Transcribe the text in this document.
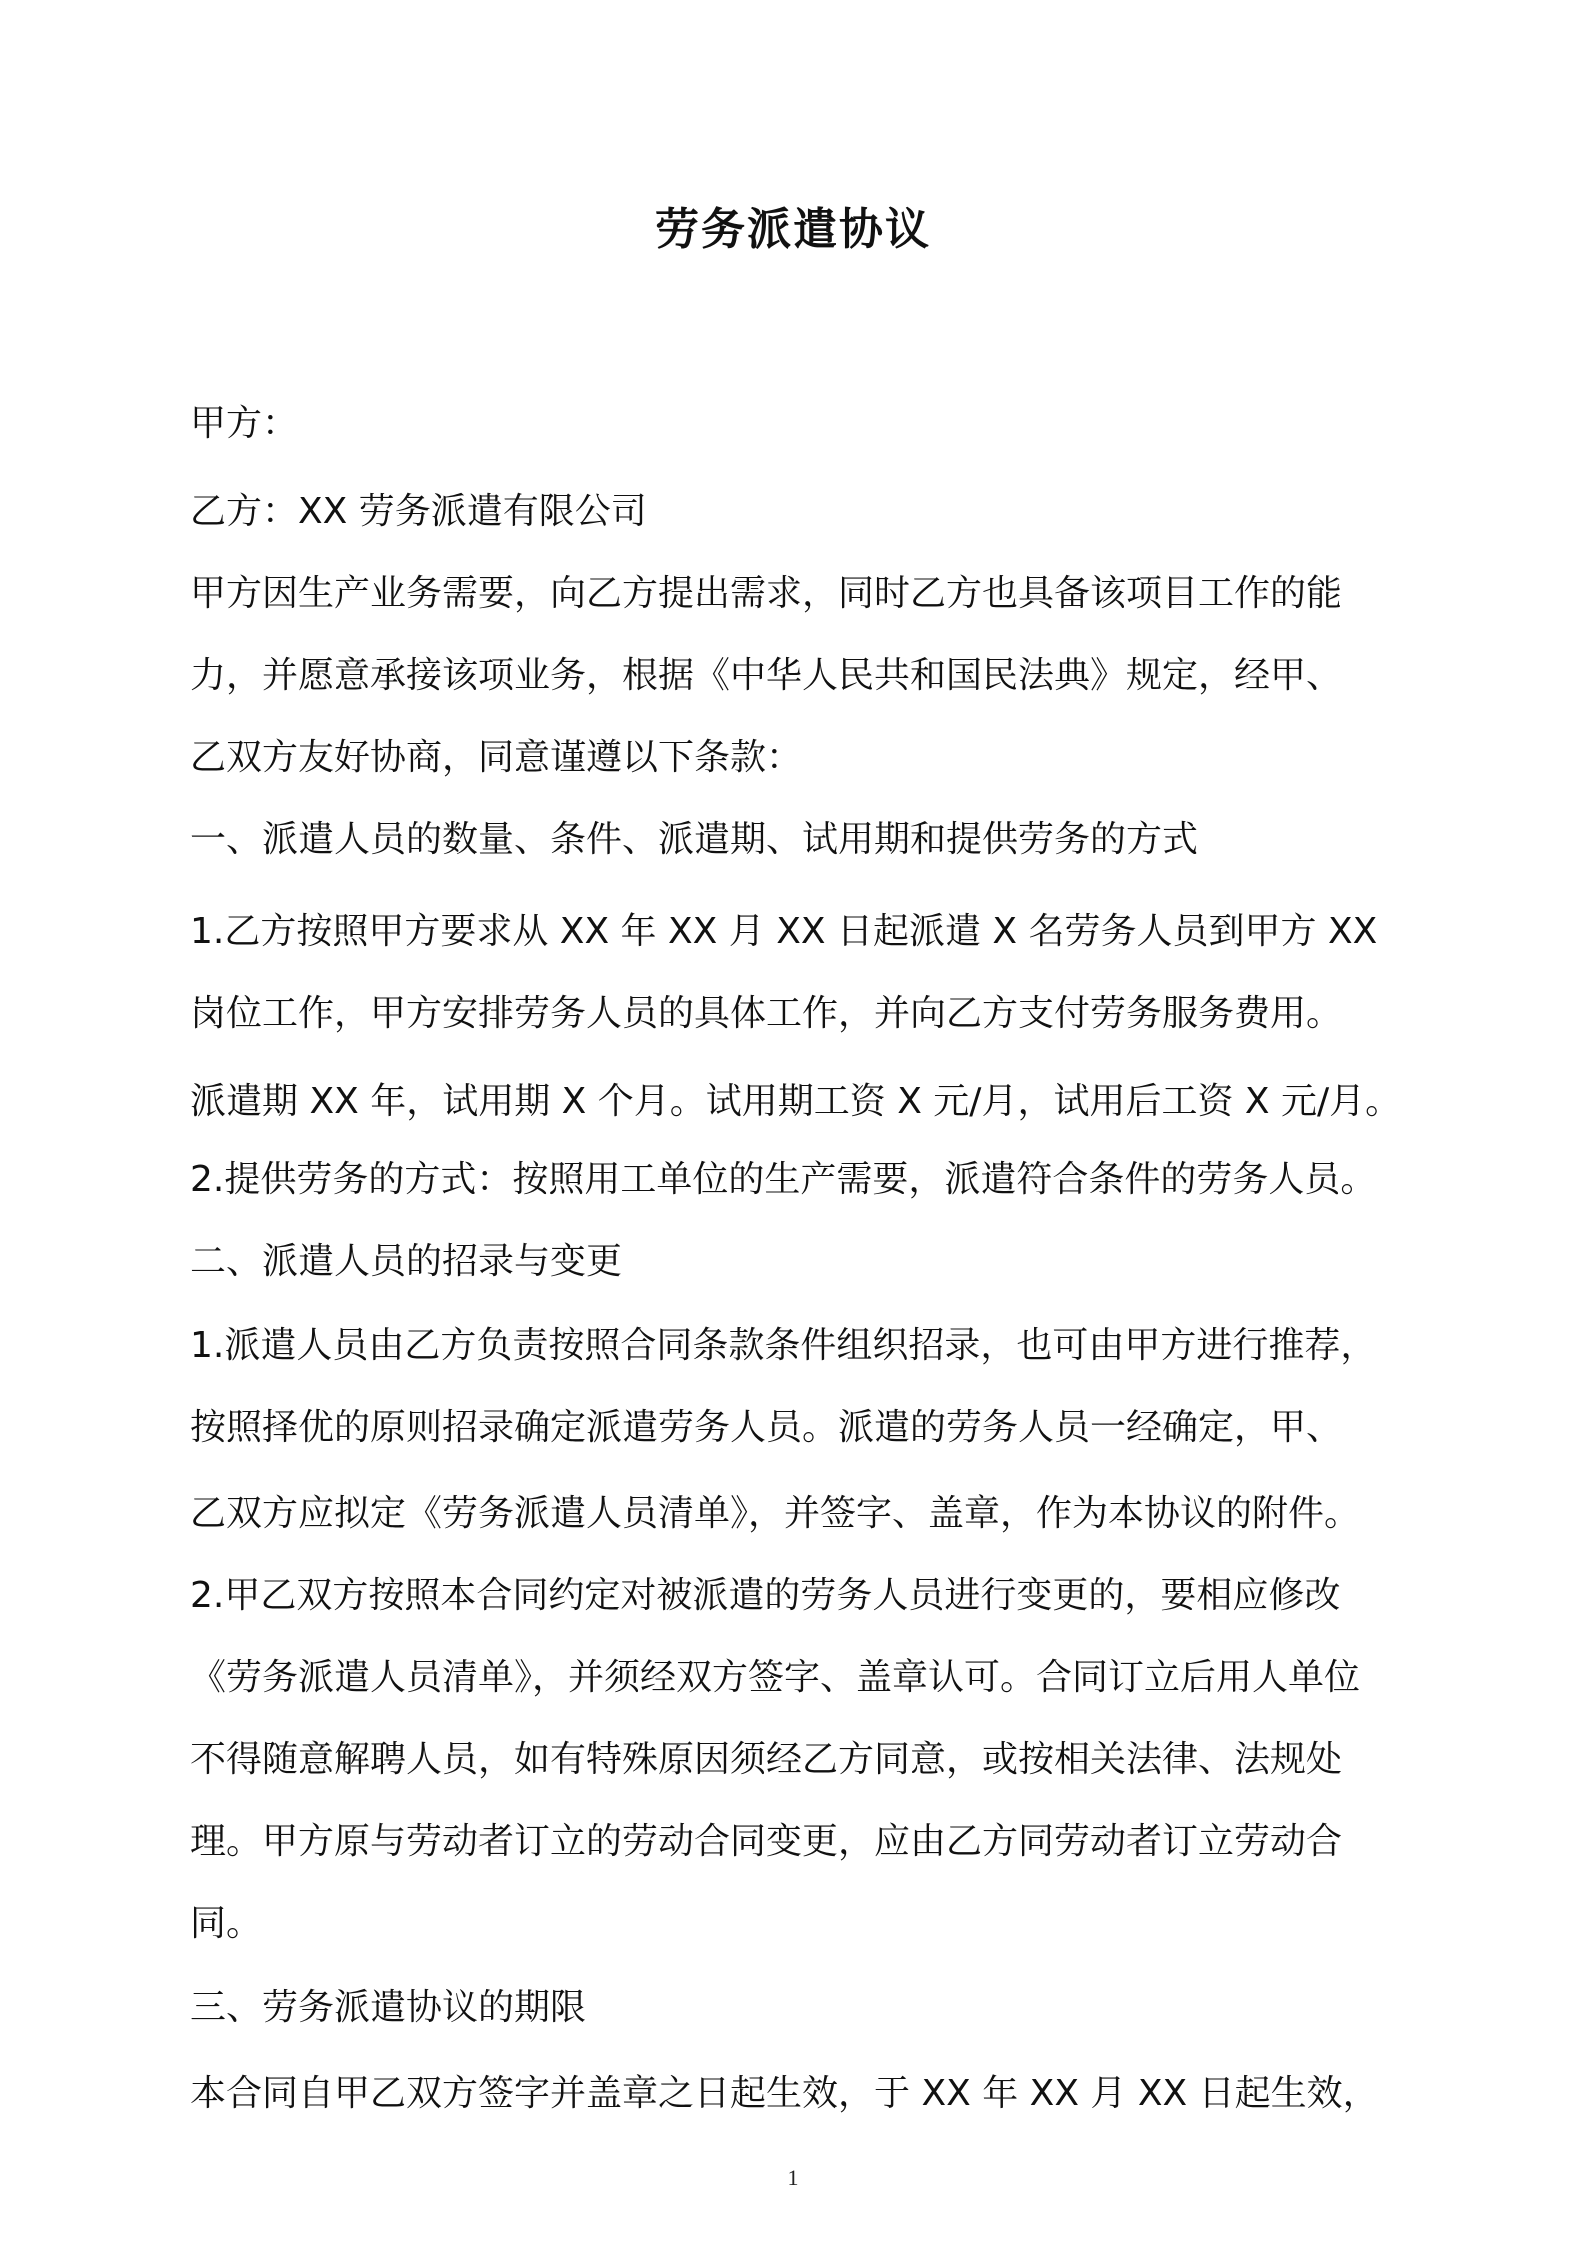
劳务派遣协议
甲方：
乙方：XX 劳务派遣有限公司
甲方因生产业务需要，向乙方提出需求，同时乙方也具备该项目工作的能
力，并愿意承接该项业务，根据《中华人民共和国民法典》规定，经甲、
乙双方友好协商，同意谨遵以下条款：
一、派遣人员的数量、条件、派遣期、试用期和提供劳务的方式
1.乙方按照甲方要求从 XX 年 XX 月 XX 日起派遣 X 名劳务人员到甲方 XX
岗位工作，甲方安排劳务人员的具体工作，并向乙方支付劳务服务费用。
派遣期 XX 年，试用期 X 个月。试用期工资 X 元/月，试用后工资 X 元/月。
2.提供劳务的方式：按照用工单位的生产需要，派遣符合条件的劳务人员。
二、派遣人员的招录与变更
1.派遣人员由乙方负责按照合同条款条件组织招录，也可由甲方进行推荐，
按照择优的原则招录确定派遣劳务人员。派遣的劳务人员一经确定，甲、
乙双方应拟定《劳务派遣人员清单》，并签字、盖章，作为本协议的附件。
2.甲乙双方按照本合同约定对被派遣的劳务人员进行变更的，要相应修改
《劳务派遣人员清单》，并须经双方签字、盖章认可。合同订立后用人单位
不得随意解聘人员，如有特殊原因须经乙方同意，或按相关法律、法规处
理。甲方原与劳动者订立的劳动合同变更，应由乙方同劳动者订立劳动合
同。
三、劳务派遣协议的期限
本合同自甲乙双方签字并盖章之日起生效，于 XX 年 XX 月 XX 日起生效，
1
